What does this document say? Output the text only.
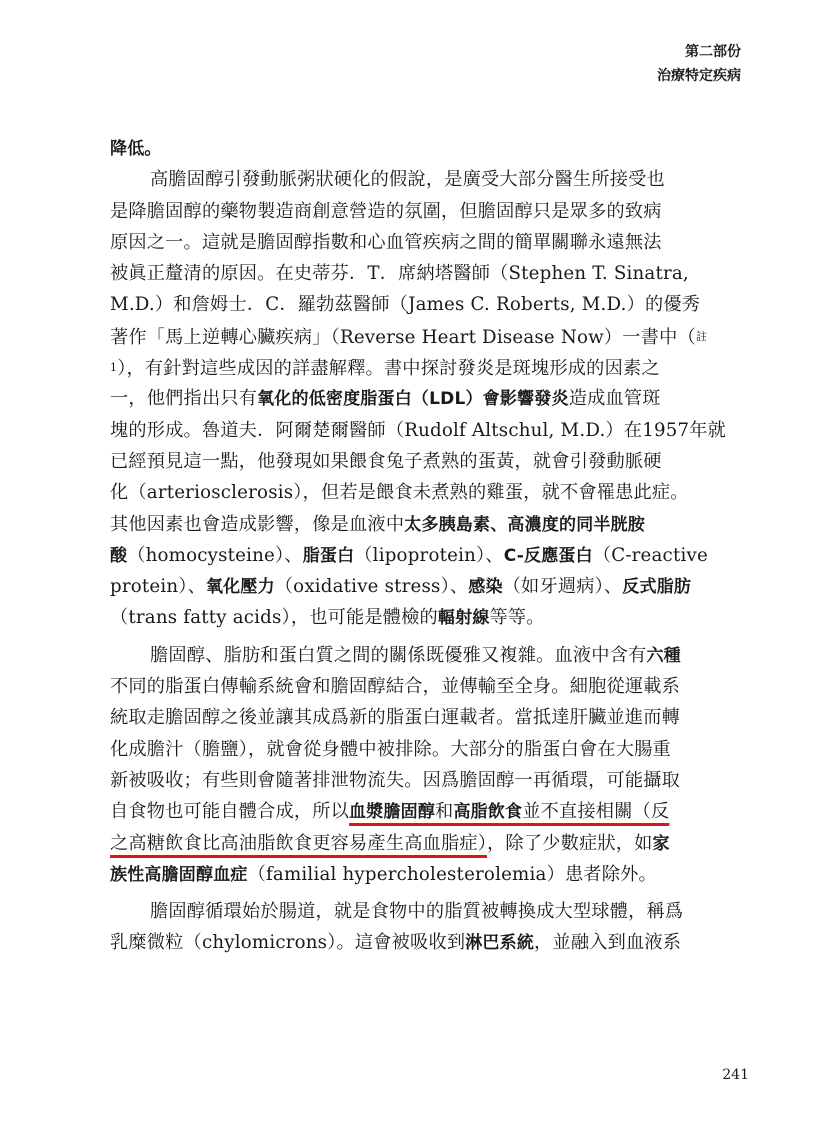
第二部份
治療特定疾病
降低。
高膽固醇引發動脈粥狀硬化的假說，是廣受大部分醫生所接受也
是降膽固醇的藥物製造商創意營造的氛圍，但膽固醇只是眾多的致病
原因之一。這就是膽固醇指數和心血管疾病之間的簡單關聯永遠無法
被眞正釐清的原因。在史蒂芬．T．席納塔醫師（Stephen T. Sinatra,
M.D.）和詹姆士．C．羅勃茲醫師（James C. Roberts, M.D.）的優秀
著作「馬上逆轉心臟疾病」（Reverse Heart Disease Now）一書中（註
1），有針對這些成因的詳盡解釋。書中探討發炎是斑塊形成的因素之
一，他們指出只有氧化的低密度脂蛋白（LDL）會影響發炎造成血管斑
塊的形成。魯道夫．阿爾楚爾醫師（Rudolf Altschul, M.D.）在1957年就
已經預見這一點，他發現如果餵食兔子煮熟的蛋黃，就會引發動脈硬
化（arteriosclerosis），但若是餵食未煮熟的雞蛋，就不會罹患此症。
其他因素也會造成影響，像是血液中太多胰島素、高濃度的同半胱胺
酸（homocysteine）、脂蛋白（lipoprotein）、C-反應蛋白（C-reactive
protein）、氧化壓力（oxidative stress）、感染（如牙週病）、反式脂肪
（trans fatty acids），也可能是體檢的輻射線等等。
膽固醇、脂肪和蛋白質之間的關係既優雅又複雜。血液中含有六種
不同的脂蛋白傳輸系統會和膽固醇結合，並傳輸至全身。細胞從運載系
統取走膽固醇之後並讓其成爲新的脂蛋白運載者。當抵達肝臟並進而轉
化成膽汁（膽鹽），就會從身體中被排除。大部分的脂蛋白會在大腸重
新被吸收；有些則會隨著排泄物流失。因爲膽固醇一再循環，可能攝取
自食物也可能自體合成，所以血漿膽固醇和高脂飲食並不直接相關（反
之高糖飲食比高油脂飲食更容易產生高血脂症），除了少數症狀，如家
族性高膽固醇血症（familial hypercholesterolemia）患者除外。
膽固醇循環始於腸道，就是食物中的脂質被轉換成大型球體，稱爲
乳糜微粒（chylomicrons）。這會被吸收到淋巴系統，並融入到血液系
241
